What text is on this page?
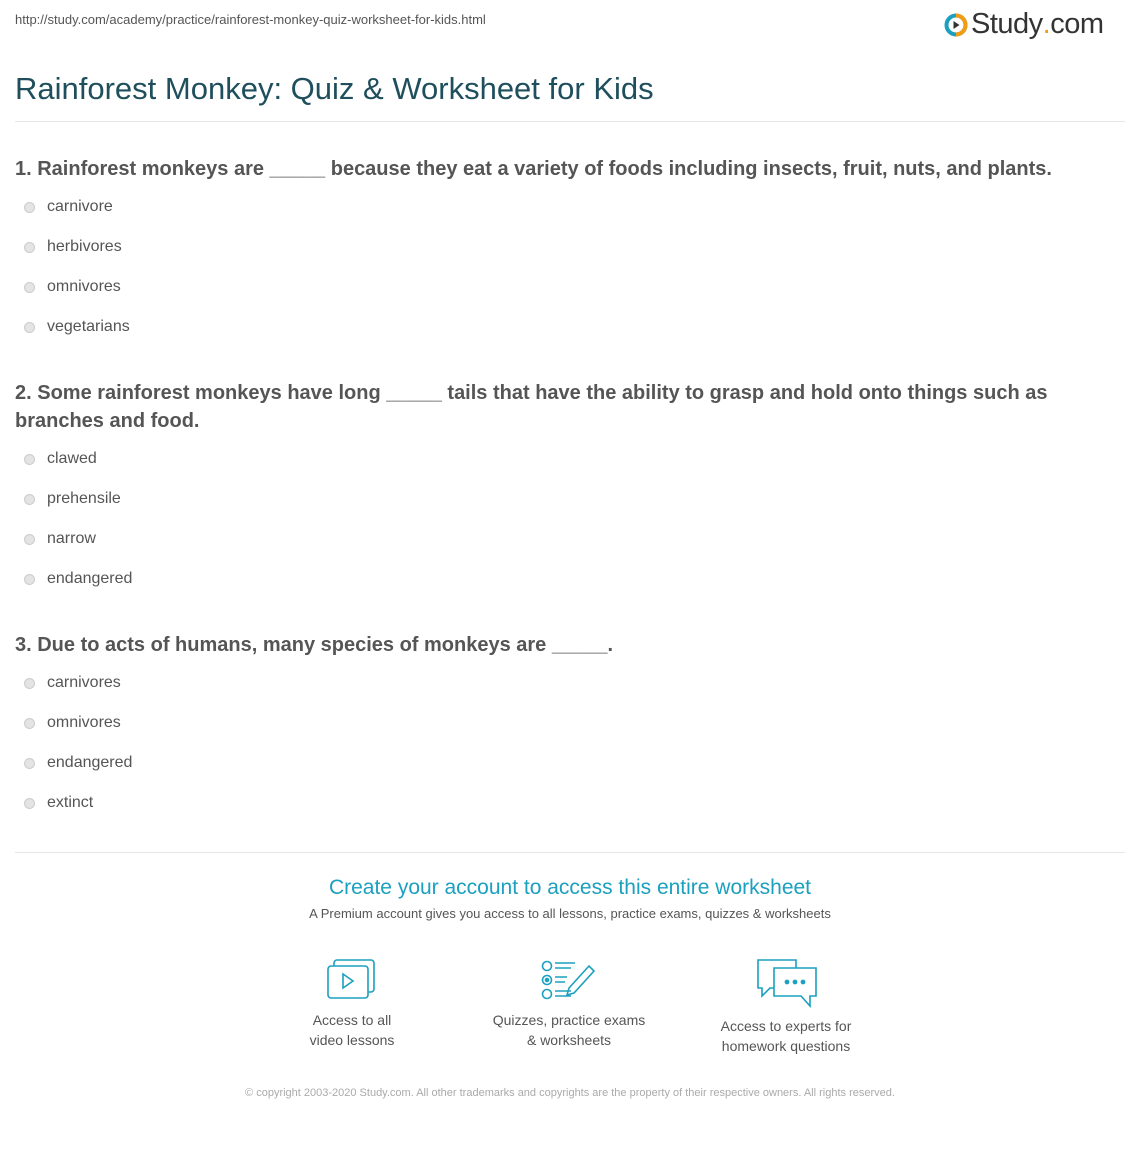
http://study.com/academy/practice/rainforest-monkey-quiz-worksheet-for-kids.html	Study . com
Rainforest Monkey: Quiz & Worksheet for Kids
1. Rainforest monkeys are _____ because they eat a variety of foods including insects, fruit, nuts, and plants.
carnivore
herbivores
omnivores
vegetarians
2. Some rainforest monkeys have long _____ tails that have the ability to grasp and hold onto things such as branches and food.
clawed
prehensile
narrow
endangered
3. Due to acts of humans, many species of monkeys are _____.
carnivores
omnivores
endangered
extinct
Create your account to access this entire worksheet
A Premium account gives you access to all lessons, practice exams, quizzes & worksheets
Access to all
video lessons
Quizzes, practice exams
& worksheets
Access to experts for
homework questions
© copyright 2003-2020 Study.com. All other trademarks and copyrights are the property of their respective owners. All rights reserved.
